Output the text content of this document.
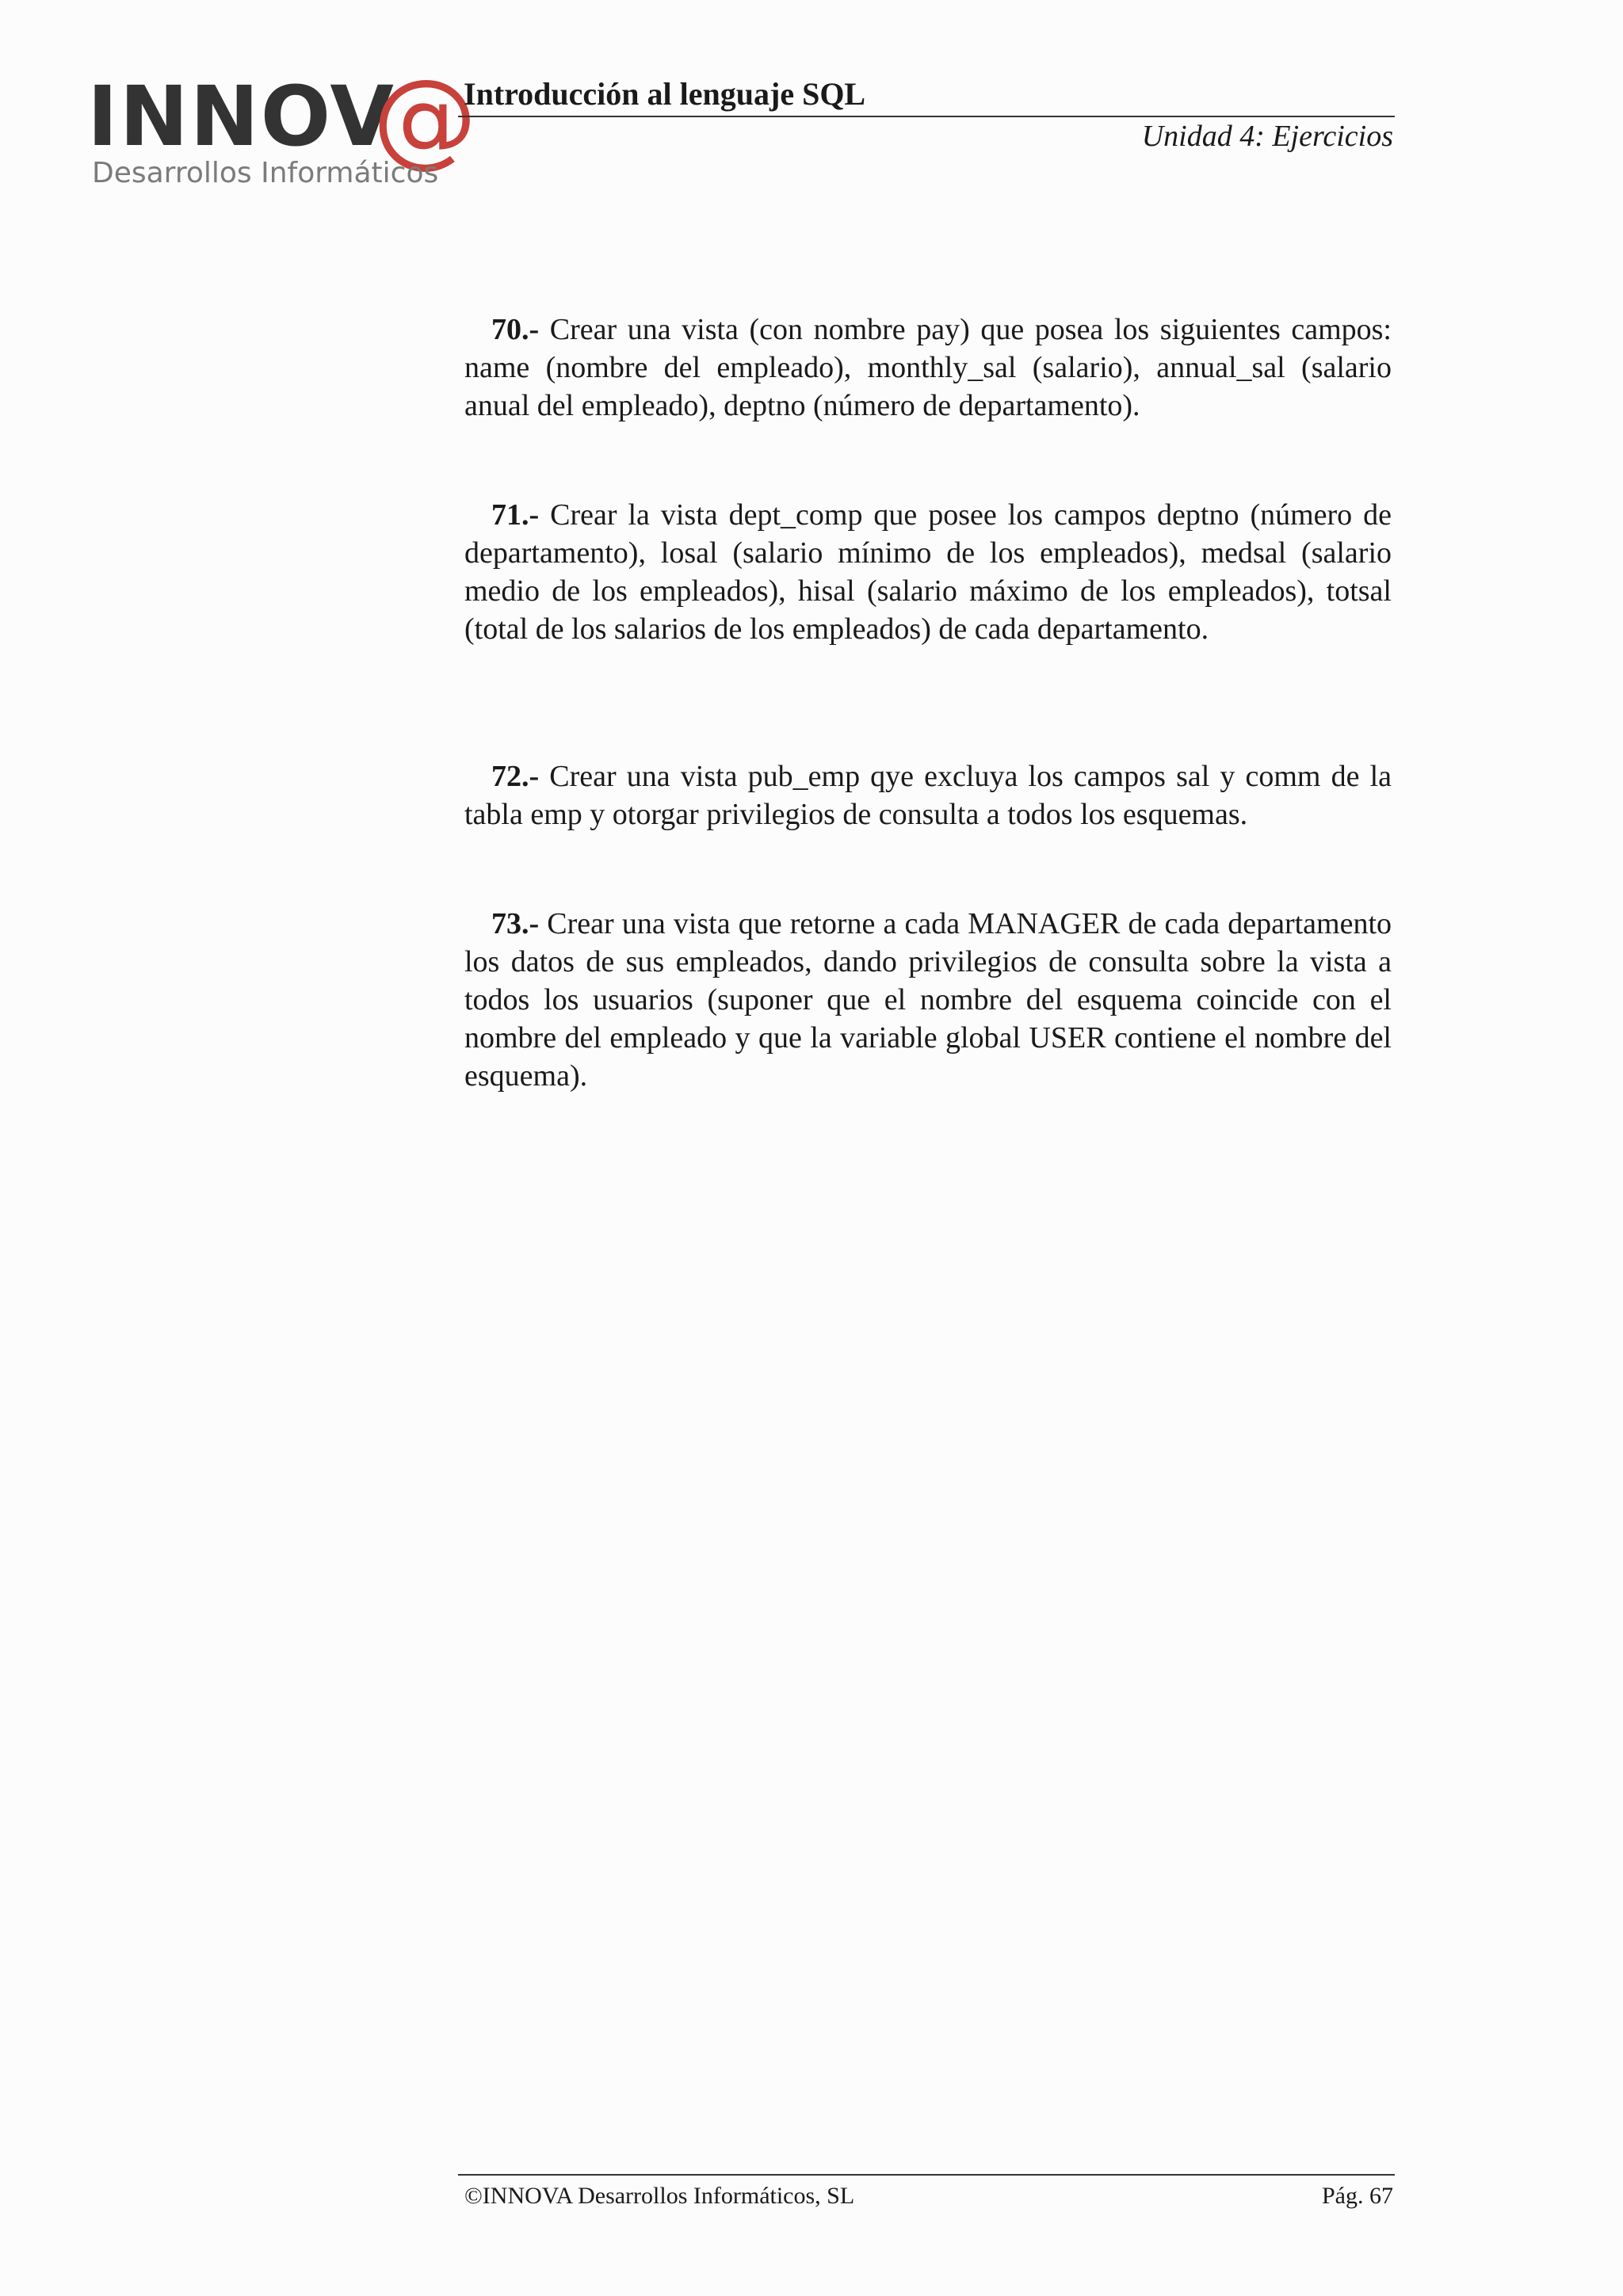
INNOV
@
Desarrollos Informáticos
Introducción al lenguaje SQL
Unidad 4: Ejercicios

70.- Crear una vista (con nombre pay) que posea los siguientes campos: name (nombre del empleado), monthly_sal (salario), annual_sal (salario anual del empleado), deptno (número de departamento).

71.- Crear la vista dept_comp que posee los campos deptno (número de departamento), losal (salario mínimo de los empleados), medsal (salario medio de los empleados), hisal (salario máximo de los empleados), totsal (total de los salarios de los empleados) de cada departamento.

72.- Crear una vista pub_emp qye excluya los campos sal y comm de la tabla emp y otorgar privilegios de consulta a todos los esquemas.

73.- Crear una vista que retorne a cada MANAGER de cada departamento los datos de sus empleados, dando privilegios de consulta sobre la vista a todos los usuarios (suponer que el nombre del esquema coincide con el nombre del empleado y que la variable global USER contiene el nombre del esquema).

©INNOVA Desarrollos Informáticos, SL	Pág. 67
